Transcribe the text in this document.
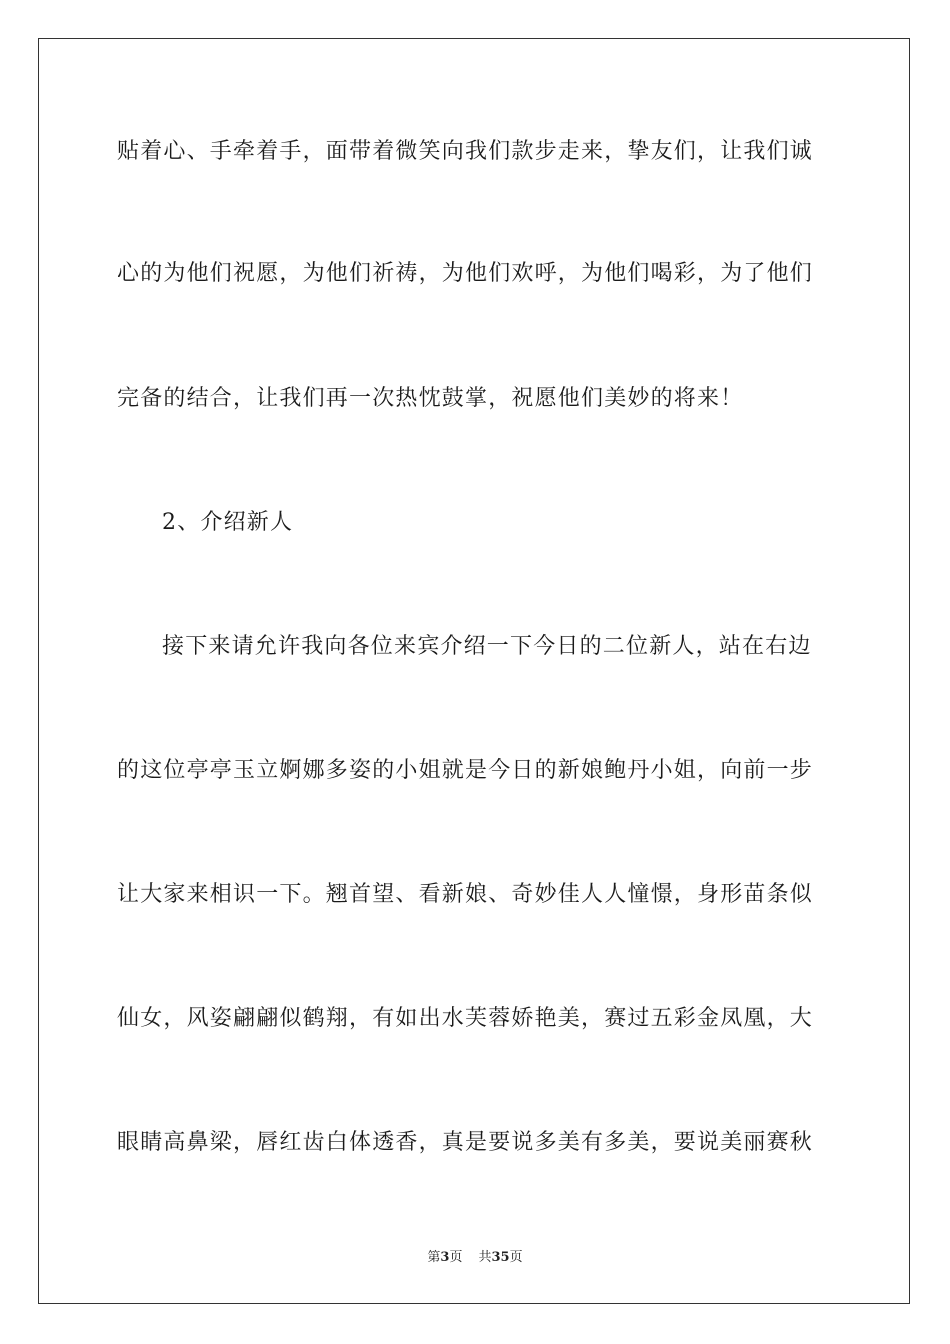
贴着心、手牵着手，面带着微笑向我们款步走来，挚友们，让我们诚
心的为他们祝愿，为他们祈祷，为他们欢呼，为他们喝彩，为了他们
完备的结合，让我们再一次热忱鼓掌，祝愿他们美妙的将来！
2、介绍新人
接下来请允许我向各位来宾介绍一下今日的二位新人，站在右边
的这位亭亭玉立婀娜多姿的小姐就是今日的新娘鲍丹小姐，向前一步
让大家来相识一下。翘首望、看新娘、奇妙佳人人憧憬，身形苗条似
仙女，风姿翩翩似鹤翔，有如出水芙蓉娇艳美，赛过五彩金凤凰，大
眼睛高鼻梁，唇红齿白体透香，真是要说多美有多美，要说美丽赛秋
第3页 共35页
